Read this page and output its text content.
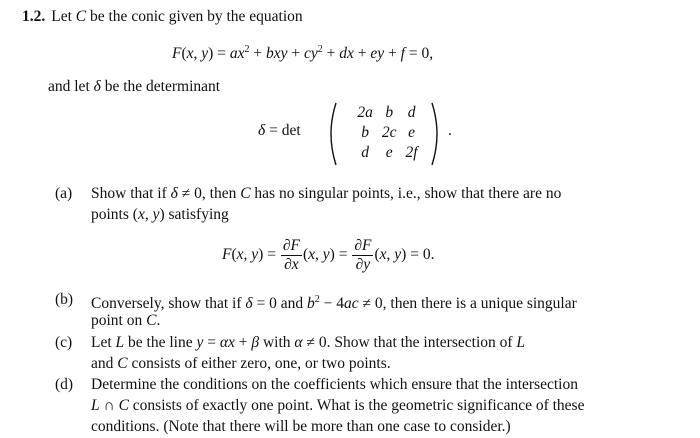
1.2. Let C be the conic given by the equation
F(x, $y) = ax^2$ + bxy + $cy^2$ + dx + ey + f = 0,
and let δ be the determinant
δ = det
2a b d
b 2c e
d e 2f
.
(a) Show that if δ ≠ 0, then C has no singular points, i.e., show that there are no
points (x, y) satisfying
F(x, $y) = \frac{\partial F}{\partial x} (x$, $y) = \frac{\partial F}{\partial y} (x$, y) = 0.
(b) Conversely, show that if δ = 0 and $b^2 - 4ac \ne 0$, then there is a unique singular
point on C.
(c) Let L be the line y = αx + β with α ≠ 0. Show that the intersection of L
and C consists of either zero, one, or two points.
(d) Determine the conditions on the coefficients which ensure that the intersection
L ∩ C consists of exactly one point. What is the geometric significance of these
conditions. (Note that there will be more than one case to consider.)
